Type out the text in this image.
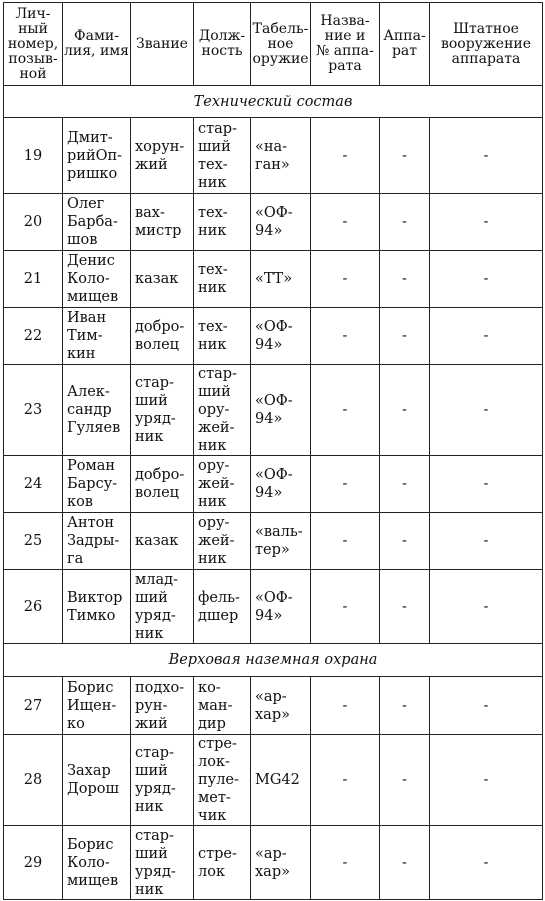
Лич-
ный
номер,
позыв-
ной	Фами-
лия, имя	Звание	Долж-
ность	Табель-
ное
оружие	Назва-
ние и
№ аппа-
рата	Аппа-
рат	Штатное
вооружение
аппарата

Технический состав							
19	Дмит-
рийОп-
ришко	хорун-
жий	стар-
ший
тех-
ник	«на-
ган»	-	-	-
20	Олег
Барба-
шов	вах-
мистр	тех-
ник	«ОФ-
94»	-	-	-
21	Денис
Коло-
мищев	казак	тех-
ник	«ТТ»	-	-	-
22	Иван
Тим-
кин	добро-
волец	тех-
ник	«ОФ-
94»	-	-	-
23	Алек-
сандр
Гуляев	стар-
ший
уряд-
ник	стар-
ший
ору-
жей-
ник	«ОФ-
94»	-	-	-
24	Роман
Барсу-
ков	добро-
волец	ору-
жей-
ник	«ОФ-
94»	-	-	-
25	Антон
Задры-
га	казак	ору-
жей-
ник	«валь-
тер»	-	-	-
26	Виктор
Тимко	млад-
ший
уряд-
ник	фель-
дшер	«ОФ-
94»	-	-	-
Верховая наземная охрана							
27	Борис
Ищен-
ко	подхо-
рун-
жий	ко-
ман-
дир	«ар-
хар»	-	-	-
28	Захар
Дорош	стар-
ший
уряд-
ник	стре-
лок-
пуле-
мет-
чик	MG42	-	-	-
29	Борис
Коло-
мищев	стар-
ший
уряд-
ник	стре-
лок	«ар-
хар»	-	-	-
